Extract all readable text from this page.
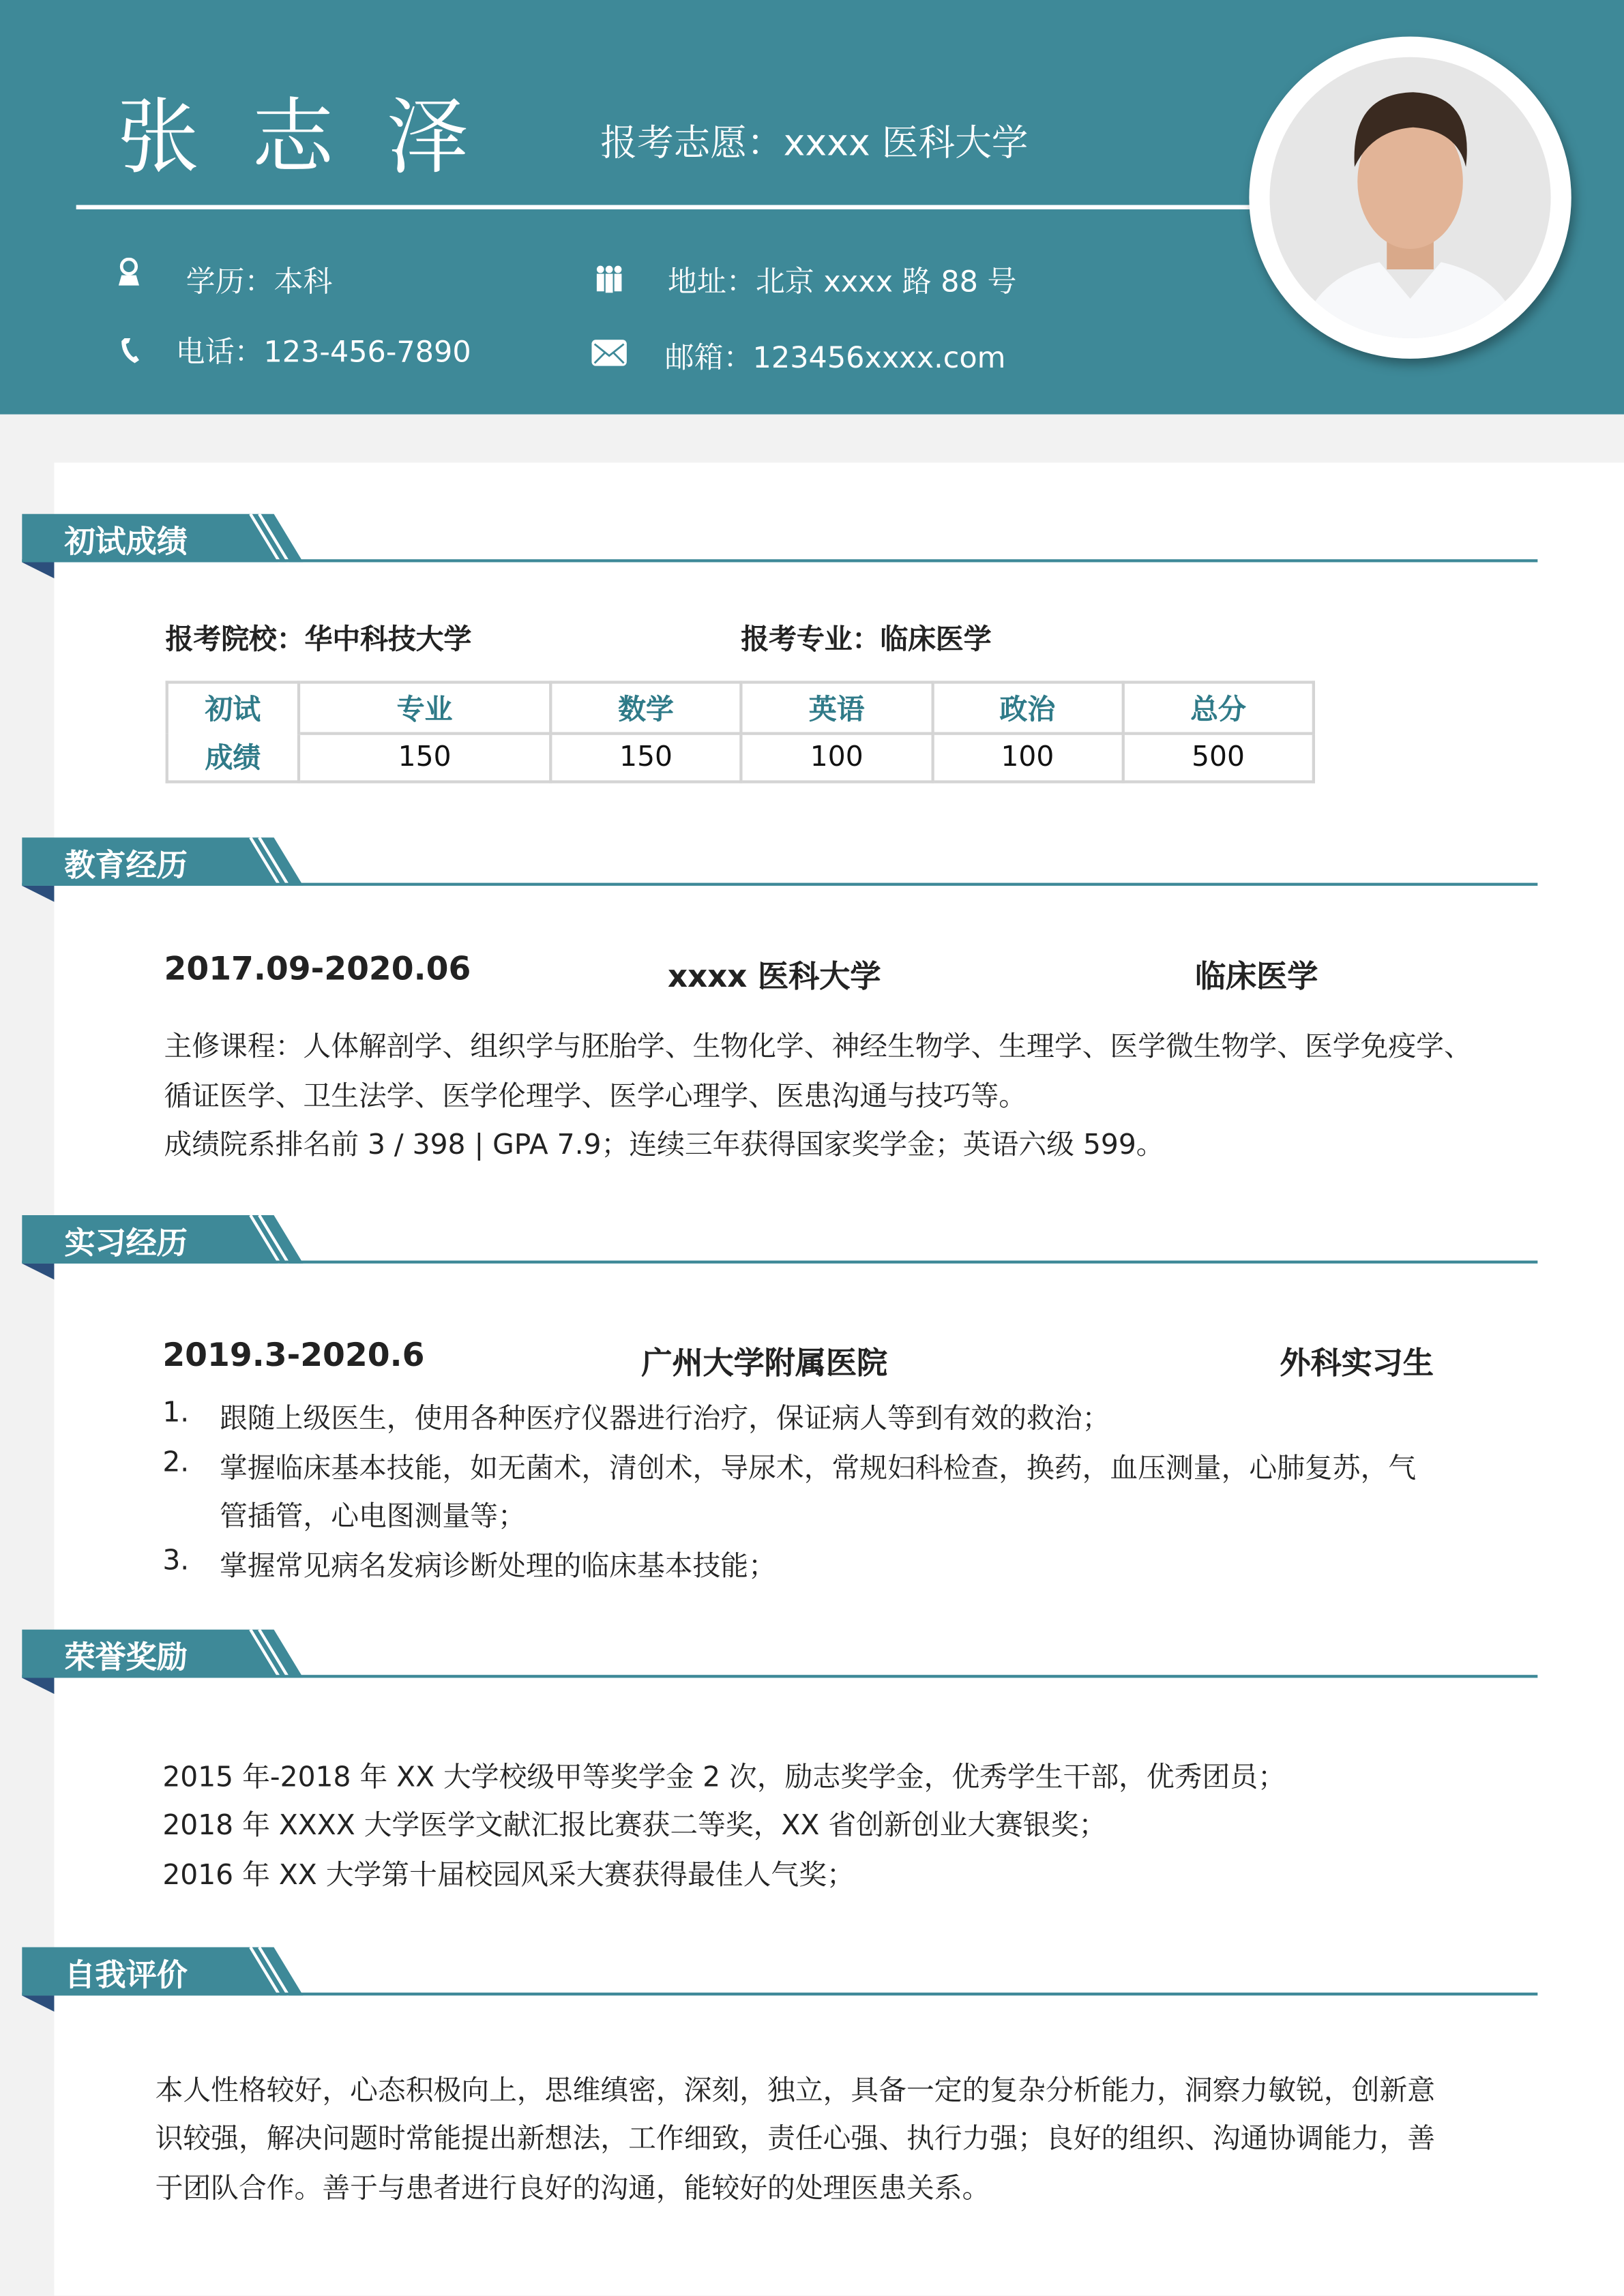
张志泽	报考志愿：xxxx 医科大学
学历：本科	地址：北京 xxxx 路 88 号
电话：123-456-7890	邮箱：123456xxxx.com
初试成绩
报考院校：华中科技大学	报考专业：临床医学
初试	专业	数学	英语	政治	总分
成绩	150	150	100	100	500
教育经历
2017.09-2020.06	xxxx 医科大学	临床医学
主修课程：人体解剖学、组织学与胚胎学、生物化学、神经生物学、生理学、医学微生物学、医学免疫学、
循证医学、卫生法学、医学伦理学、医学心理学、医患沟通与技巧等。
成绩院系排名前 3 / 398 | GPA 7.9；连续三年获得国家奖学金；英语六级 599。
实习经历
2019.3-2020.6	广州大学附属医院	外科实习生
1. 跟随上级医生，使用各种医疗仪器进行治疗，保证病人等到有效的救治；
2. 掌握临床基本技能，如无菌术，清创术，导尿术，常规妇科检查，换药，血压测量，心肺复苏，气
管插管，心电图测量等；
3. 掌握常见病名发病诊断处理的临床基本技能；
荣誉奖励
2015 年-2018 年 XX 大学校级甲等奖学金 2 次，励志奖学金，优秀学生干部，优秀团员；
2018 年 XXXX 大学医学文献汇报比赛获二等奖，XX 省创新创业大赛银奖；
2016 年 XX 大学第十届校园风采大赛获得最佳人气奖；
自我评价
本人性格较好，心态积极向上，思维缜密，深刻，独立，具备一定的复杂分析能力，洞察力敏锐，创新意
识较强，解决问题时常能提出新想法，工作细致，责任心强、执行力强；良好的组织、沟通协调能力，善
于团队合作。善于与患者进行良好的沟通，能较好的处理医患关系。
